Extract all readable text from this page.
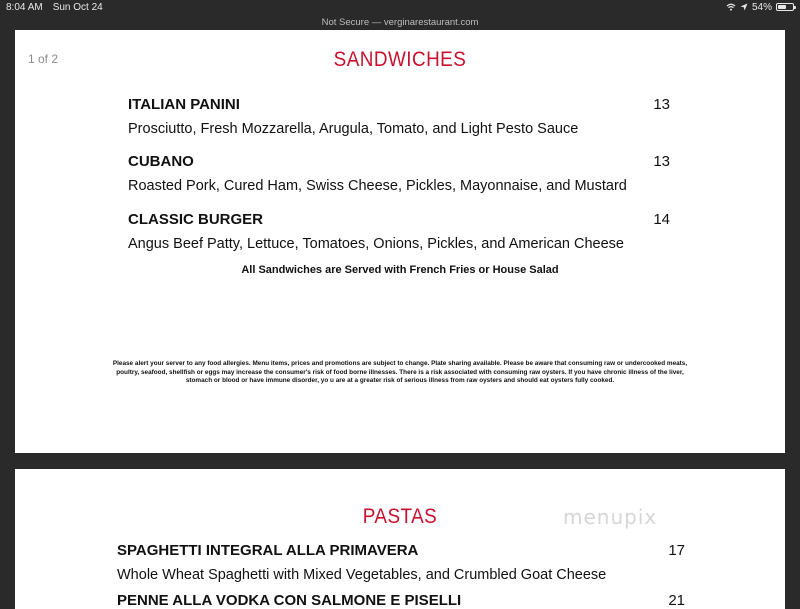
8:04 AM Sun Oct 24	54%
Not Secure — verginarestaurant.com
1 of 2	SANDWICHES
ITALIAN PANINI	13
Prosciutto, Fresh Mozzarella, Arugula, Tomato, and Light Pesto Sauce
CUBANO	13
Roasted Pork, Cured Ham, Swiss Cheese, Pickles, Mayonnaise, and Mustard
CLASSIC BURGER	14
Angus Beef Patty, Lettuce, Tomatoes, Onions, Pickles, and American Cheese
All Sandwiches are Served with French Fries or House Salad
Please alert your server to any food allergies. Menu items, prices and promotions are subject to change. Plate sharing available. Please be aware that consuming raw or undercooked meats, poultry, seafood, shellfish or eggs may increase the consumer's risk of food borne illnesses. There is a risk associated with consuming raw oysters. If you have chronic illness of the liver, stomach or blood or have immune disorder, yo u are at a greater risk of serious illness from raw oysters and should eat oysters fully cooked.
PASTAS	menupix
SPAGHETTI INTEGRAL ALLA PRIMAVERA	17
Whole Wheat Spaghetti with Mixed Vegetables, and Crumbled Goat Cheese
PENNE ALLA VODKA CON SALMONE E PISELLI	21
